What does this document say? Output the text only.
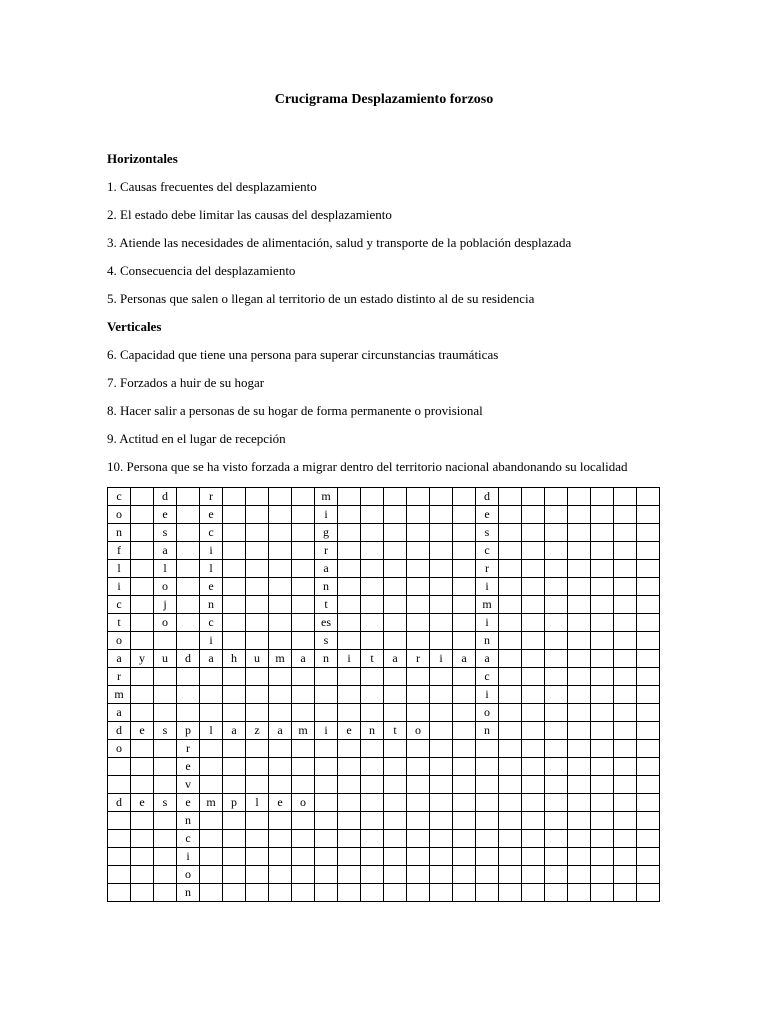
Crucigrama Desplazamiento forzoso
Horizontales
1. Causas frecuentes del desplazamiento
2. El estado debe limitar las causas del desplazamiento
3. Atiende las necesidades de alimentación, salud y transporte de la población desplazada
4. Consecuencia del desplazamiento
5. Personas que salen o llegan al territorio de un estado distinto al de su residencia
Verticales
6. Capacidad que tiene una persona para superar circunstancias traumáticas
7. Forzados a huir de su hogar
8. Hacer salir a personas de su hogar de forma permanente o provisional
9. Actitud en el lugar de recepción
10. Persona que se ha visto forzada a migrar dentro del territorio nacional abandonando su localidad
c		d		r					m							d							
o		e		e					i							e							
n		s		c					g							s							
f		a		i					r							c							
l		l		l					a							r							
i		o		e					n							i							
c		j		n					t							m							
t		o		c					es							i							
o				i					s							n							
a	y	u	d	a	h	u	m	a	n	i	t	a	r	i	a	a							
r																c							
m																i							
a																o							
d	e	s	p	l	a	z	a	m	i	e	n	t	o			n							
o			r																				
			e																				
			v																				
d	e	s	e	m	p	l	e	o															
			n																				
			c																				
			i																				
			o																				
			n																				
